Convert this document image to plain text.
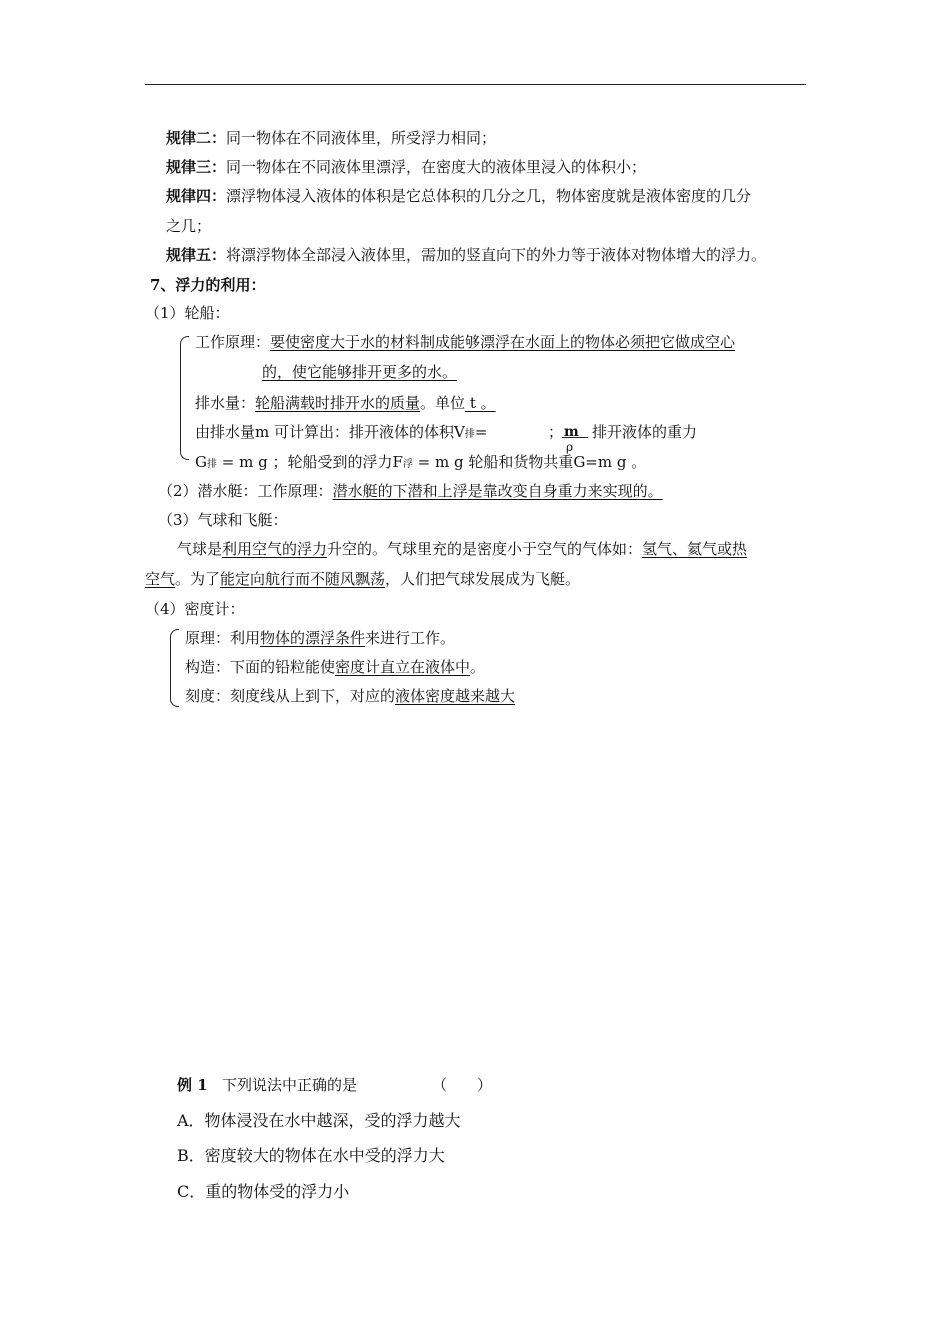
规律二：同一物体在不同液体里，所受浮力相同；
规律三：同一物体在不同液体里漂浮，在密度大的液体里浸入的体积小；
规律四：漂浮物体浸入液体的体积是它总体积的几分之几，物体密度就是液体密度的几分
之几；
规律五：将漂浮物体全部浸入液体里，需加的竖直向下的外力等于液体对物体增大的浮力。
7、浮力的利用：
（1）轮船：
工作原理：要使密度大于水的材料制成能够漂浮在水面上的物体必须把它做成空心
的，使它能够排开更多的水。
排水量：轮船满载时排开水的质量。单位 t 。
由排水量m 可计算出：排开液体的体积V排=	； m
ρ
排开液体的重力
G排 = m g ；轮船受到的浮力F浮 = m g 轮船和货物共重G=m g 。
（2）潜水艇：工作原理：潜水艇的下潜和上浮是靠改变自身重力来实现的。
（3）气球和飞艇：
气球是利用空气的浮力升空的。气球里充的是密度小于空气的气体如：氢气、氦气或热
空气。为了能定向航行而不随风飘荡，人们把气球发展成为飞艇。
（4）密度计：
原理：利用物体的漂浮条件来进行工作。
构造：下面的铅粒能使密度计直立在液体中。
刻度：刻度线从上到下，对应的液体密度越来越大
例 1 下列说法中正确的是	（　　）
A．物体浸没在水中越深，受的浮力越大
B．密度较大的物体在水中受的浮力大
C．重的物体受的浮力小
